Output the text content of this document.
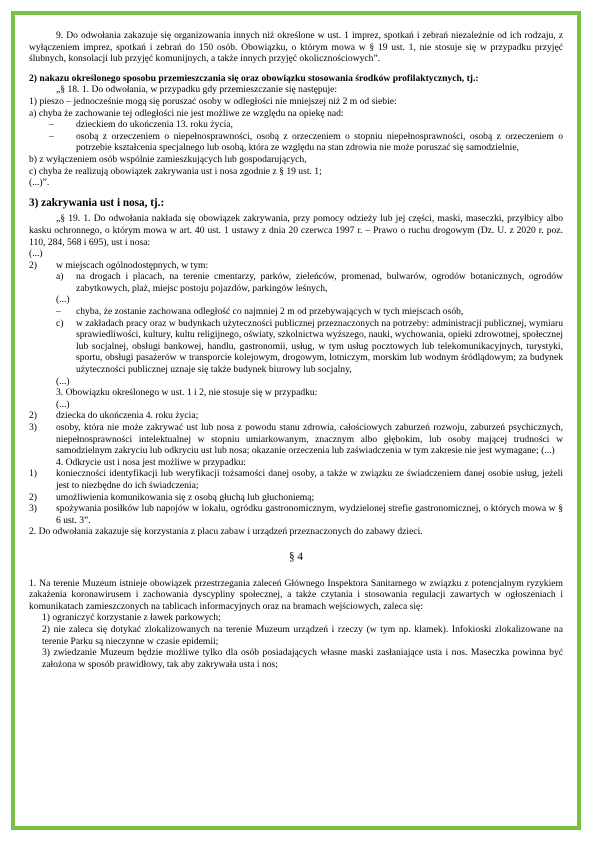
9. Do odwołania zakazuje się organizowania innych niż określone w ust. 1 imprez, spotkań i zebrań niezależnie od ich rodzaju, z wyłączeniem imprez, spotkań i zebrań do 150 osób. Obowiązku, o którym mowa w § 19 ust. 1, nie stosuje się w przypadku przyjęć ślubnych, konsolacji lub przyjęć komunijnych, a także innych przyjęć okolicznościowych”.

2) nakazu określonego sposobu przemieszczania się oraz obowiązku stosowania środków profilaktycznych, tj.:

„§ 18. 1. Do odwołania, w przypadku gdy przemieszczanie się następuje:

1) pieszo – jednocześnie mogą się poruszać osoby w odległości nie mniejszej niż 2 m od siebie:

a) chyba że zachowanie tej odległości nie jest możliwe ze względu na opiekę nad:

–	dzieckiem do ukończenia 13. roku życia,
–	osobą z orzeczeniem o niepełnosprawności, osobą z orzeczeniem o stopniu niepełnosprawności, osobą z orzeczeniem o potrzebie kształcenia specjalnego lub osobą, która ze względu na stan zdrowia nie może poruszać się samodzielnie,

b) z wyłączeniem osób wspólnie zamieszkujących lub gospodarujących,

c) chyba że realizują obowiązek zakrywania ust i nosa zgodnie z § 19 ust. 1;

(...)”.

3) zakrywania ust i nosa, tj.:

„§ 19. 1. Do odwołania nakłada się obowiązek zakrywania, przy pomocy odzieży lub jej części, maski, maseczki, przyłbicy albo kasku ochronnego, o którym mowa w art. 40 ust. 1 ustawy z dnia 20 czerwca 1997 r. – Prawo o ruchu drogowym (Dz. U. z 2020 r. poz. 110, 284, 568 i 695), ust i nosa:

(...)

2)	w miejscach ogólnodostępnych, w tym:
a)	na drogach i placach, na terenie cmentarzy, parków, zieleńców, promenad, bulwarów, ogrodów botanicznych, ogrodów zabytkowych, plaż, miejsc postoju pojazdów, parkingów leśnych,

(...)

–	chyba, że zostanie zachowana odległość co najmniej 2 m od przebywających w tych miejscach osób,
c)	w zakładach pracy oraz w budynkach użyteczności publicznej przeznaczonych na potrzeby: administracji publicznej, wymiaru sprawiedliwości, kultury, kultu religijnego, oświaty, szkolnictwa wyższego, nauki, wychowania, opieki zdrowotnej, społecznej lub socjalnej, obsługi bankowej, handlu, gastronomii, usług, w tym usług pocztowych lub telekomunikacyjnych, turystyki, sportu, obsługi pasażerów w transporcie kolejowym, drogowym, lotniczym, morskim lub wodnym śródlądowym; za budynek użyteczności publicznej uznaje się także budynek biurowy lub socjalny,

(...)

3. Obowiązku określonego w ust. 1 i 2, nie stosuje się w przypadku:

(...)

2)	dziecka do ukończenia 4. roku życia;
3)	osoby, która nie może zakrywać ust lub nosa z powodu stanu zdrowia, całościowych zaburzeń rozwoju, zaburzeń psychicznych, niepełnosprawności intelektualnej w stopniu umiarkowanym, znacznym albo głębokim, lub osoby mającej trudności w samodzielnym zakryciu lub odkryciu ust lub nosa; okazanie orzeczenia lub zaświadczenia w tym zakresie nie jest wymagane; (...)

4. Odkrycie ust i nosa jest możliwe w przypadku:

1)	konieczności identyfikacji lub weryfikacji tożsamości danej osoby, a także w związku ze świadczeniem danej osobie usług, jeżeli jest to niezbędne do ich świadczenia;
2)	umożliwienia komunikowania się z osobą głuchą lub głuchoniemą;
3)	spożywania posiłków lub napojów w lokalu, ogródku gastronomicznym, wydzielonej strefie gastronomicznej, o których mowa w § 6 ust. 3”.

2. Do odwołania zakazuje się korzystania z placu zabaw i urządzeń przeznaczonych do zabawy dzieci.

§ 4

1. Na terenie Muzeum istnieje obowiązek przestrzegania zaleceń Głównego Inspektora Sanitarnego w związku z potencjalnym ryzykiem zakażenia koronawirusem i zachowania dyscypliny społecznej, a także czytania i stosowania regulacji zawartych w ogłoszeniach i komunikatach zamieszczonych na tablicach informacyjnych oraz na bramach wejściowych, zaleca się:

1) ograniczyć korzystanie z ławek parkowych;

2) nie zaleca się dotykać zlokalizowanych na terenie Muzeum urządzeń i rzeczy (w tym np. klamek). Infokioski zlokalizowane na terenie Parku są nieczynne w czasie epidemii;

3) zwiedzanie Muzeum będzie możliwe tylko dla osób posiadających własne maski zasłaniające usta i nos. Maseczka powinna być założona w sposób prawidłowy, tak aby zakrywała usta i nos;
